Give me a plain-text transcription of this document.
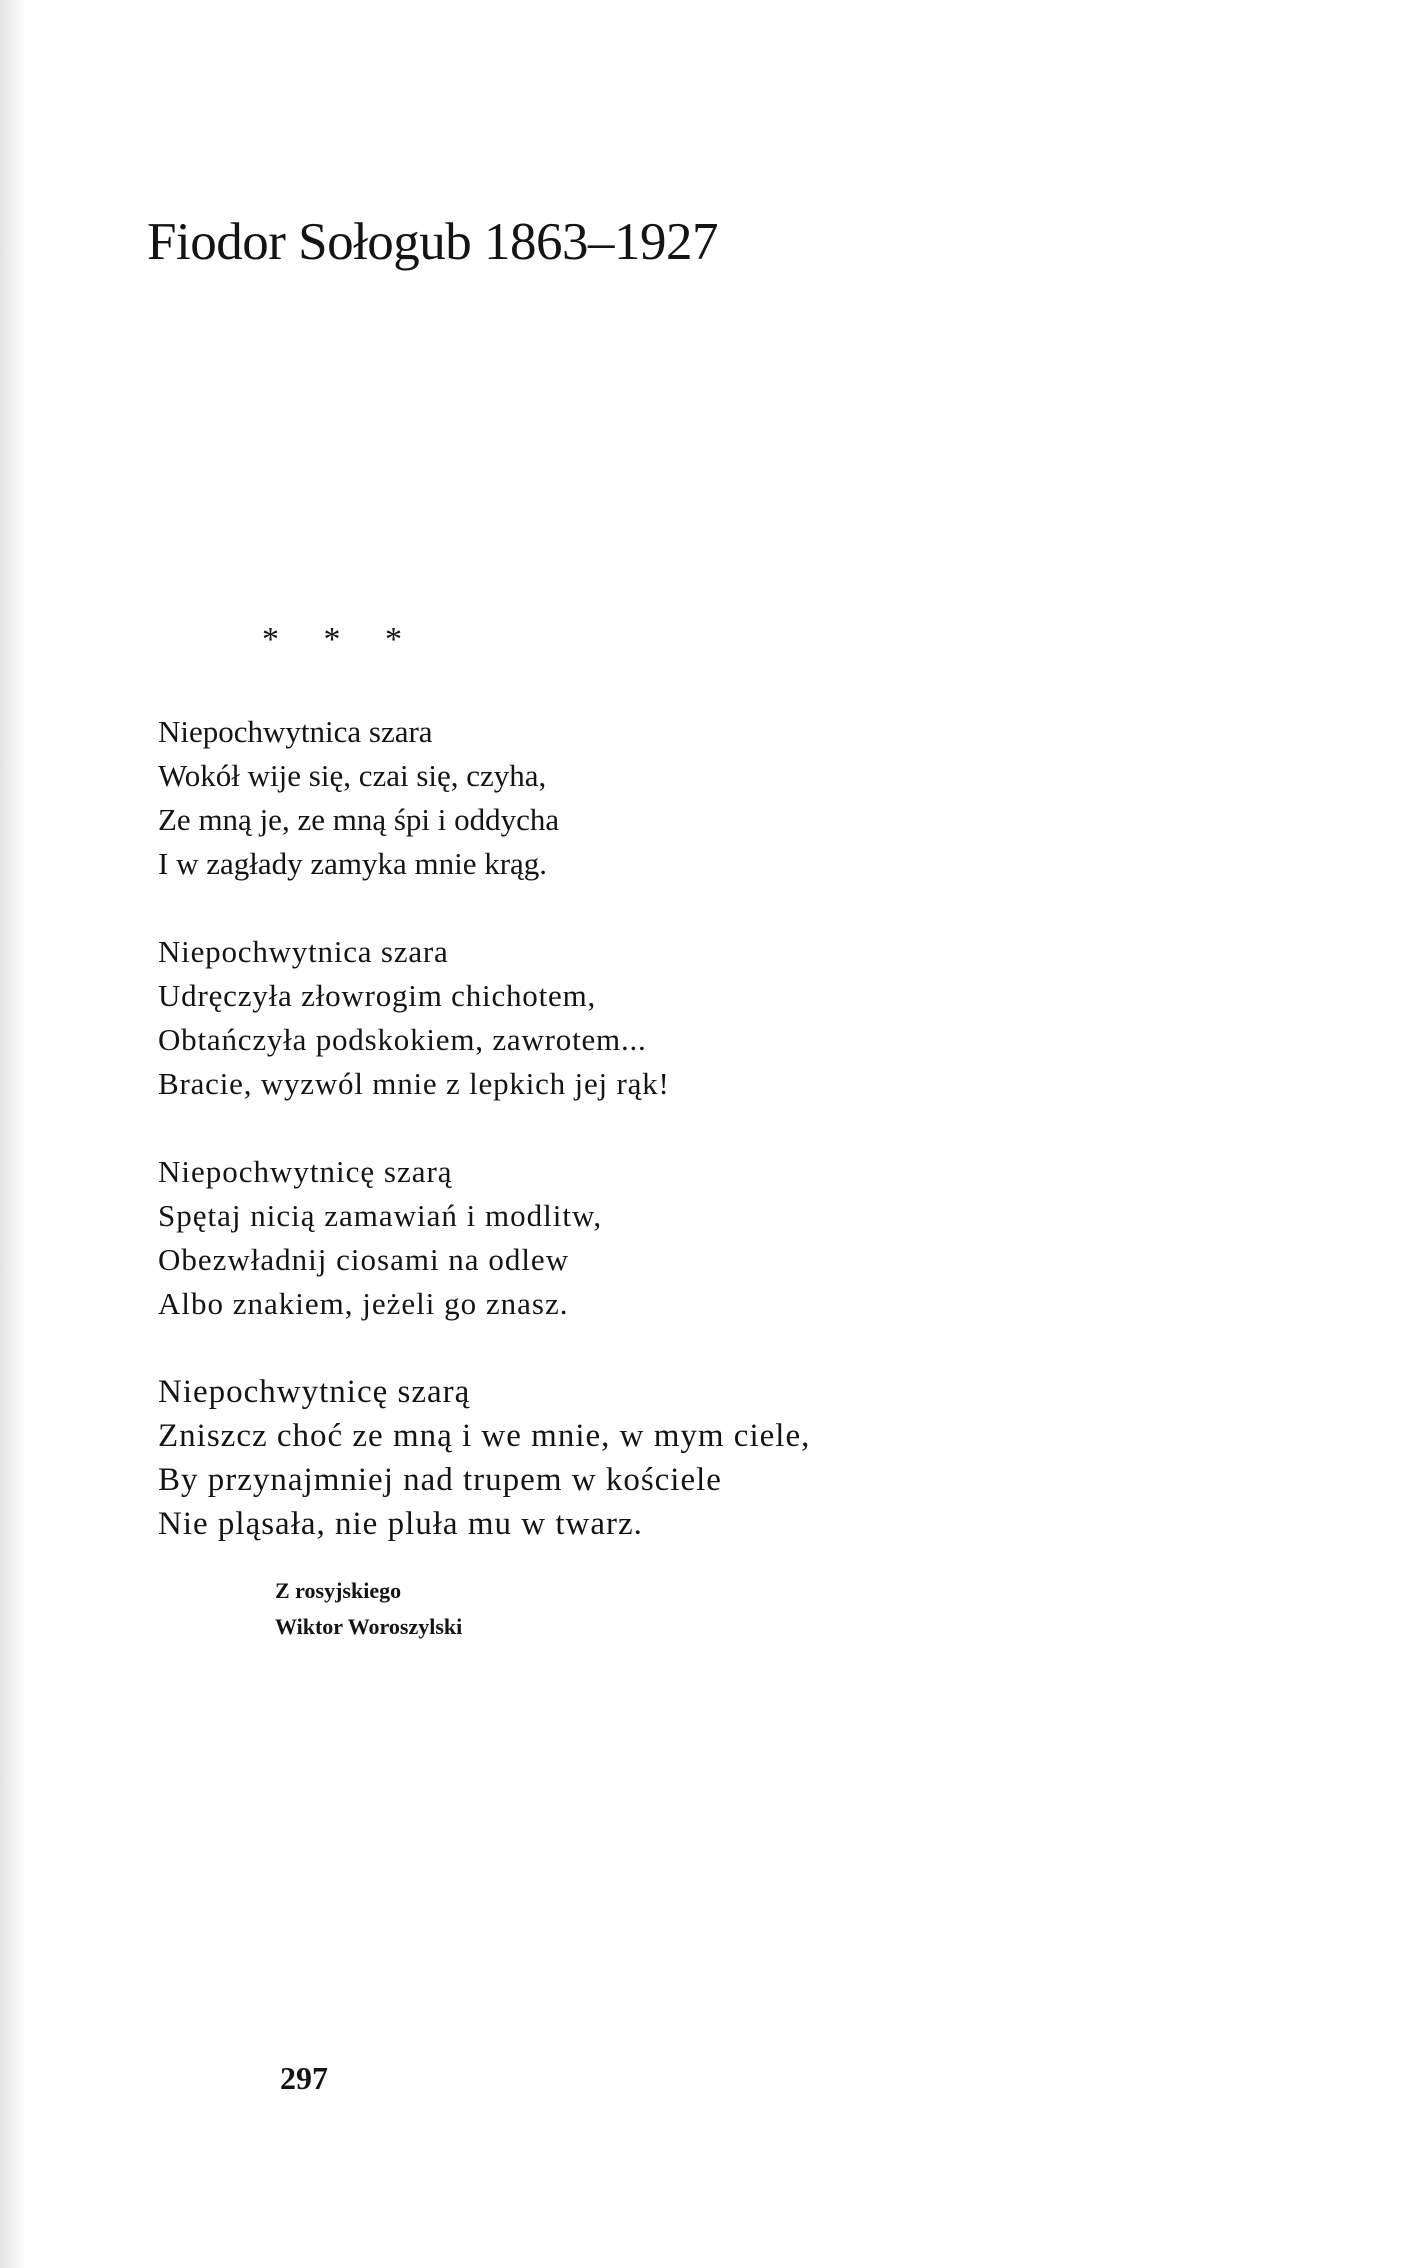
Fiodor Sołogub 1863–1927
* * *
Niepochwytnica szara
Wokół wije się, czai się, czyha,
Ze mną je, ze mną śpi i oddycha
I w zagłady zamyka mnie krąg.
Niepochwytnica szara
Udręczyła złowrogim chichotem,
Obtańczyła podskokiem, zawrotem...
Bracie, wyzwól mnie z lepkich jej rąk!
Niepochwytnicę szarą
Spętaj nicią zamawiań i modlitw,
Obezwładnij ciosami na odlew
Albo znakiem, jeżeli go znasz.
Niepochwytnicę szarą
Zniszcz choć ze mną i we mnie, w mym ciele,
By przynajmniej nad trupem w kościele
Nie pląsała, nie pluła mu w twarz.
Z rosyjskiego
Wiktor Woroszylski
297
